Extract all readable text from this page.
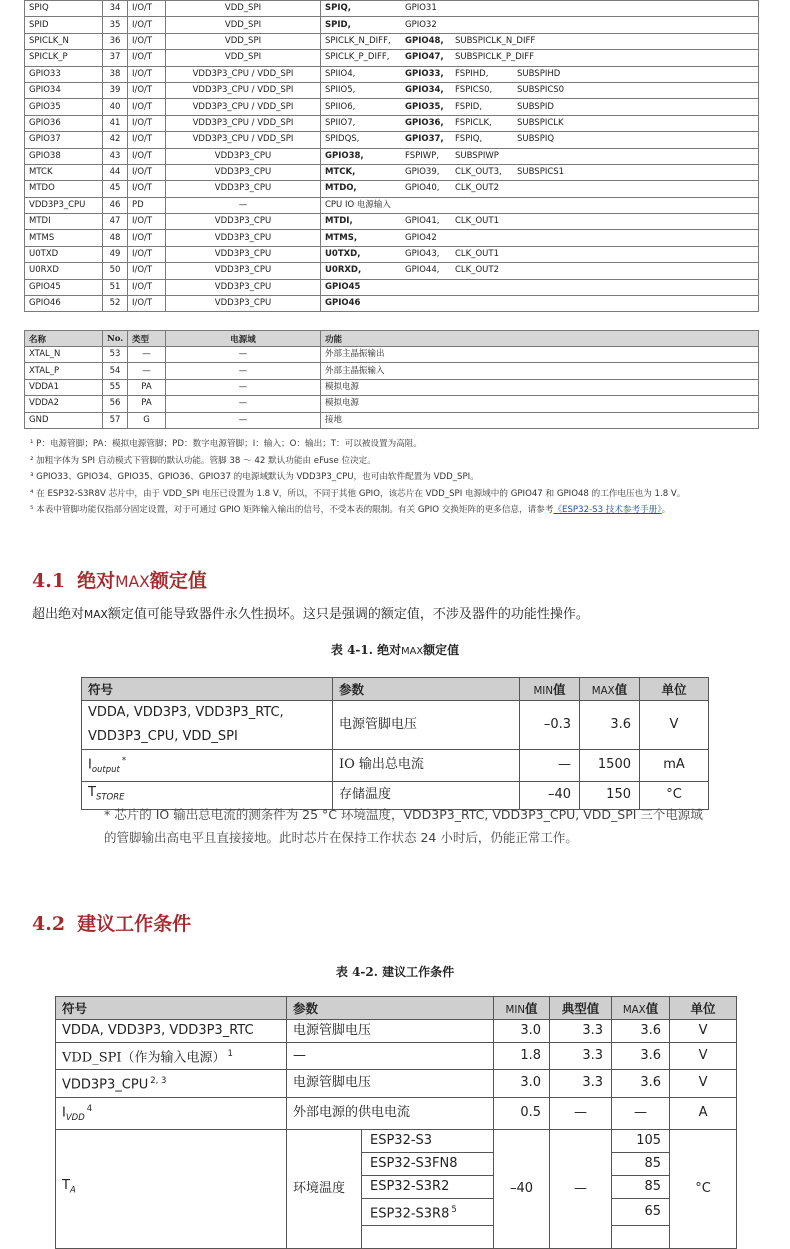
SPIQ	34	I/O/T	VDD_SPI	SPIQ, GPIO31
SPID	35	I/O/T	VDD_SPI	SPID, GPIO32
SPICLK_N	36	I/O/T	VDD_SPI	SPICLK_N_DIFF, GPIO48, SUBSPICLK_N_DIFF
SPICLK_P	37	I/O/T	VDD_SPI	SPICLK_P_DIFF, GPIO47, SUBSPICLK_P_DIFF
GPIO33	38	I/O/T	VDD3P3_CPU / VDD_SPI	SPIIO4, GPIO33, FSPIHD, SUBSPIHD
GPIO34	39	I/O/T	VDD3P3_CPU / VDD_SPI	SPIIO5, GPIO34, FSPICS0, SUBSPICS0
GPIO35	40	I/O/T	VDD3P3_CPU / VDD_SPI	SPIIO6, GPIO35, FSPID, SUBSPID
GPIO36	41	I/O/T	VDD3P3_CPU / VDD_SPI	SPIIO7, GPIO36, FSPICLK, SUBSPICLK
GPIO37	42	I/O/T	VDD3P3_CPU / VDD_SPI	SPIDQS, GPIO37, FSPIQ, SUBSPIQ
GPIO38	43	I/O/T	VDD3P3_CPU	GPIO38, FSPIWP, SUBSPIWP
MTCK	44	I/O/T	VDD3P3_CPU	MTCK, GPIO39, CLK_OUT3, SUBSPICS1
MTDO	45	I/O/T	VDD3P3_CPU	MTDO, GPIO40, CLK_OUT2
VDD3P3_CPU	46	PD	—	CPU IO 电源输入
MTDI	47	I/O/T	VDD3P3_CPU	MTDI, GPIO41, CLK_OUT1
MTMS	48	I/O/T	VDD3P3_CPU	MTMS, GPIO42
U0TXD	49	I/O/T	VDD3P3_CPU	U0TXD, GPIO43, CLK_OUT1
U0RXD	50	I/O/T	VDD3P3_CPU	U0RXD, GPIO44, CLK_OUT2
GPIO45	51	I/O/T	VDD3P3_CPU	GPIO45
GPIO46	52	I/O/T	VDD3P3_CPU	GPIO46
名称	No.	类型	电源域	功能
XTAL_N	53	—	—	外部主晶振输出
XTAL_P	54	—	—	外部主晶振输入
VDDA1	55	PA	—	模拟电源
VDDA2	56	PA	—	模拟电源
GND	57	G	—	接地
¹ P：电源管脚；PA：模拟电源管脚；PD：数字电源管脚；I：输入；O：输出；T：可以被设置为高阻。
² 加粗字体为 SPI 启动模式下管脚的默认功能。管脚 38 ～ 42 默认功能由 eFuse 位决定。
³ GPIO33、GPIO34、GPIO35、GPIO36、GPIO37 的电源域默认为 VDD3P3_CPU，也可由软件配置为 VDD_SPI。
⁴ 在 ESP32-S3R8V 芯片中，由于 VDD_SPI 电压已设置为 1.8 V，所以，不同于其他 GPIO，该芯片在 VDD_SPI 电源域中的 GPIO47 和 GPIO48 的工作电压也为 1.8 V。
⁵ 本表中管脚功能仅指部分固定设置，对于可通过 GPIO 矩阵输入输出的信号，不受本表的限制。有关 GPIO 交换矩阵的更多信息，请参考《ESP32-S3 技术参考手册》。
4.1 绝对MAX额定值

超出绝对MAX额定值可能导致器件永久性损坏。这只是强调的额定值，不涉及器件的功能性操作。

表 4-1. 绝对MAX额定值

符号	参数	MIN值	MAX值	单位

VDDA, VDD3P3, VDD3P3_RTC,
VDD3P3_CPU, VDD_SPI	电源管脚电压	–0.3	3.6	V
$I_{output}^*$	IO 输出总电流	—	1500	mA
$T_{STORE}$	存储温度	–40	150	°C

* 芯片的 IO 输出总电流的测条件为 25 °C 环境温度，VDD3P3_RTC, VDD3P3_CPU, VDD_SPI 三个电源域的管脚输出高电平且直接接地。此时芯片在保持工作状态 24 小时后，仍能正常工作。

4.2 建议工作条件

表 4-2. 建议工作条件

符号	参数		MIN值	典型值	MAX值	单位
VDDA, VDD3P3, VDD3P3_RTC	电源管脚电压		3.0	3.3	3.6	V
VDD_SPI（作为输入电源） $^1$	—		1.8	3.3	3.6	V
VDD3P3_CPU $^{2, 3}$	电源管脚电压		3.0	3.3	3.6	V
$I_{VDD}^4$	外部电源的供电电流		0.5	—	—	A
$T_A$	环境温度	ESP32-S3	–40	—	105	°C
		ESP32-S3FN8			85	
		ESP32-S3R2			85	
		ESP32-S3R8 $^5$			65	
